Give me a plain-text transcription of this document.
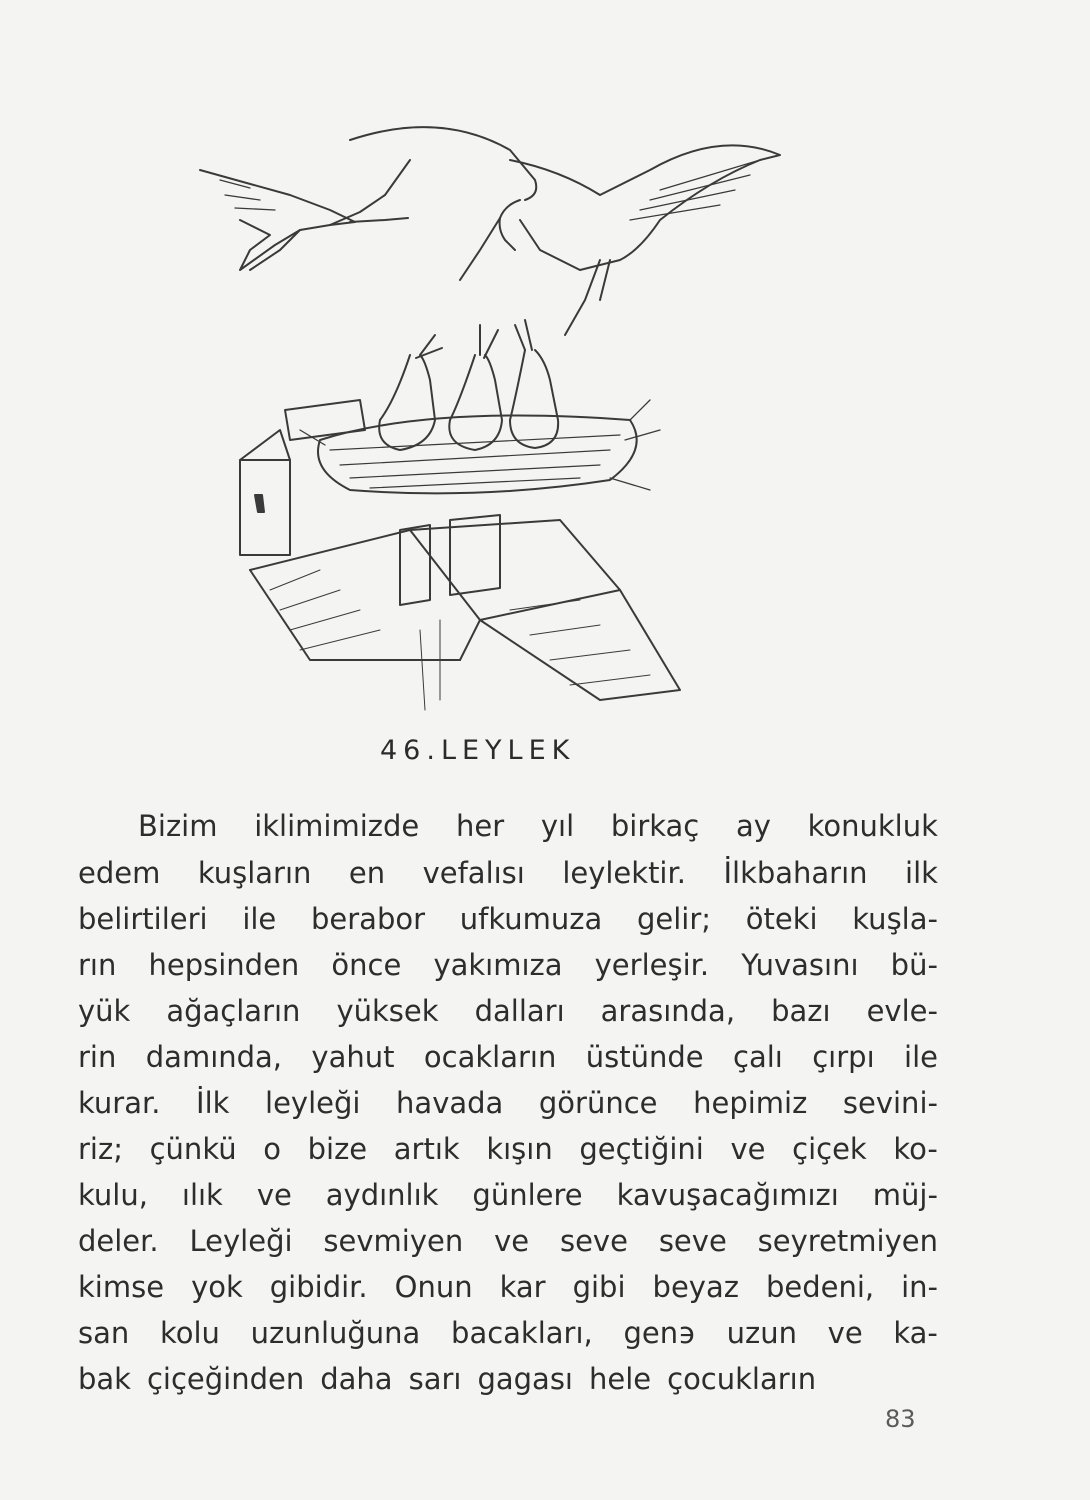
46.LEYLEK
Bizim iklimimizde her yıl birkaç ay konukluk
edem kuşların en vefalısı leylektir. İlkbaharın ilk
belirtileri ile berabor ufkumuza gelir; öteki kuşla-
rın hepsinden önce yakımıza yerleşir. Yuvasını bü-
yük ağaçların yüksek dalları arasında, bazı evle-
rin damında, yahut ocakların üstünde çalı çırpı ile
kurar. İlk leyleği havada görünce hepimiz sevini-
riz; çünkü o bize artık kışın geçtiğini ve çiçek ko-
kulu, ılık ve aydınlık günlere kavuşacağımızı müj-
deler. Leyleği sevmiyen ve seve seve seyretmiyen
kimse yok gibidir. Onun kar gibi beyaz bedeni, in-
san kolu uzunluğuna bacakları, gen϶ uzun ve ka-
bak çiçeğinden daha sarı gagası hele çocukların
83
